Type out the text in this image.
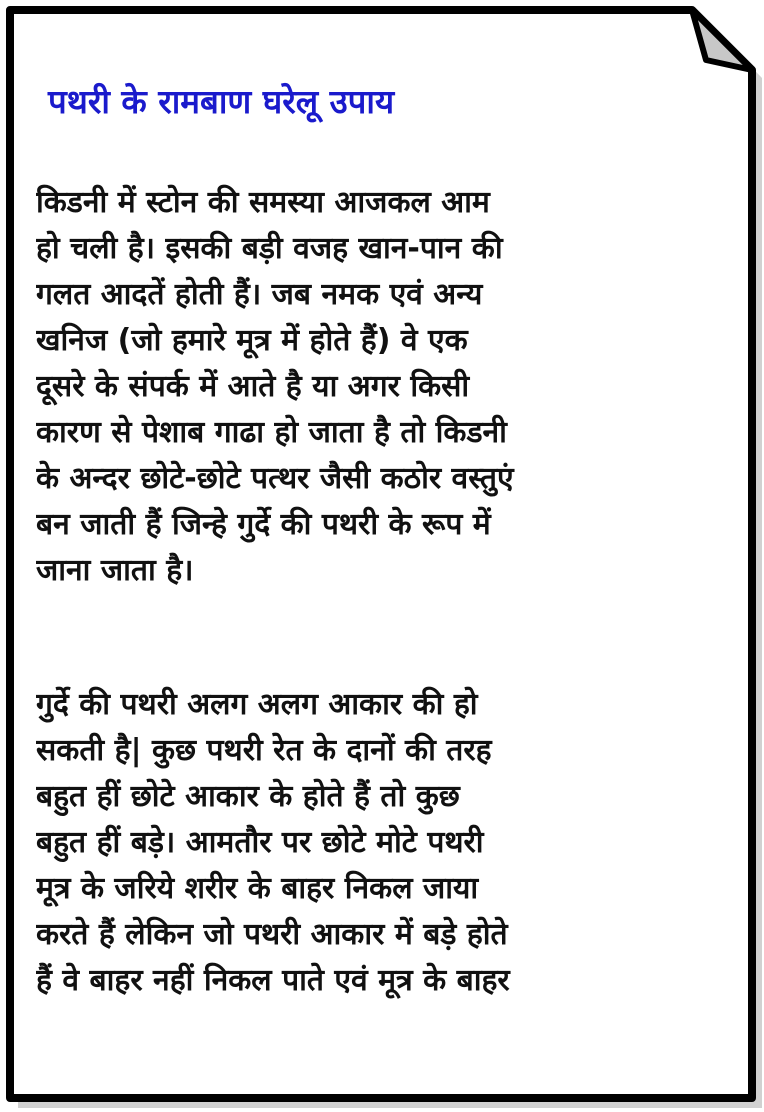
पथरी के रामबाण घरेलू उपाय
किडनी में स्टोन की समस्या आजकल आम
हो चली है। इसकी बड़ी वजह खान-पान की
गलत आदतें होती हैं। जब नमक एवं अन्य
खनिज (जो हमारे मूत्र में होते हैं) वे एक
दूसरे के संपर्क में आते है या अगर किसी
कारण से पेशाब गाढा हो जाता है तो किडनी
के अन्दर छोटे-छोटे पत्थर जैसी कठोर वस्तुएं
बन जाती हैं जिन्हे गुर्दे की पथरी के रूप में
जाना जाता है।
गुर्दे की पथरी अलग अलग आकार की हो
सकती है| कुछ पथरी रेत के दानों की तरह
बहुत हीं छोटे आकार के होते हैं तो कुछ
बहुत हीं बड़े। आमतौर पर छोटे मोटे पथरी
मूत्र के जरिये शरीर के बाहर निकल जाया
करते हैं लेकिन जो पथरी आकार में बड़े होते
हैं वे बाहर नहीं निकल पाते एवं मूत्र के बाहर
